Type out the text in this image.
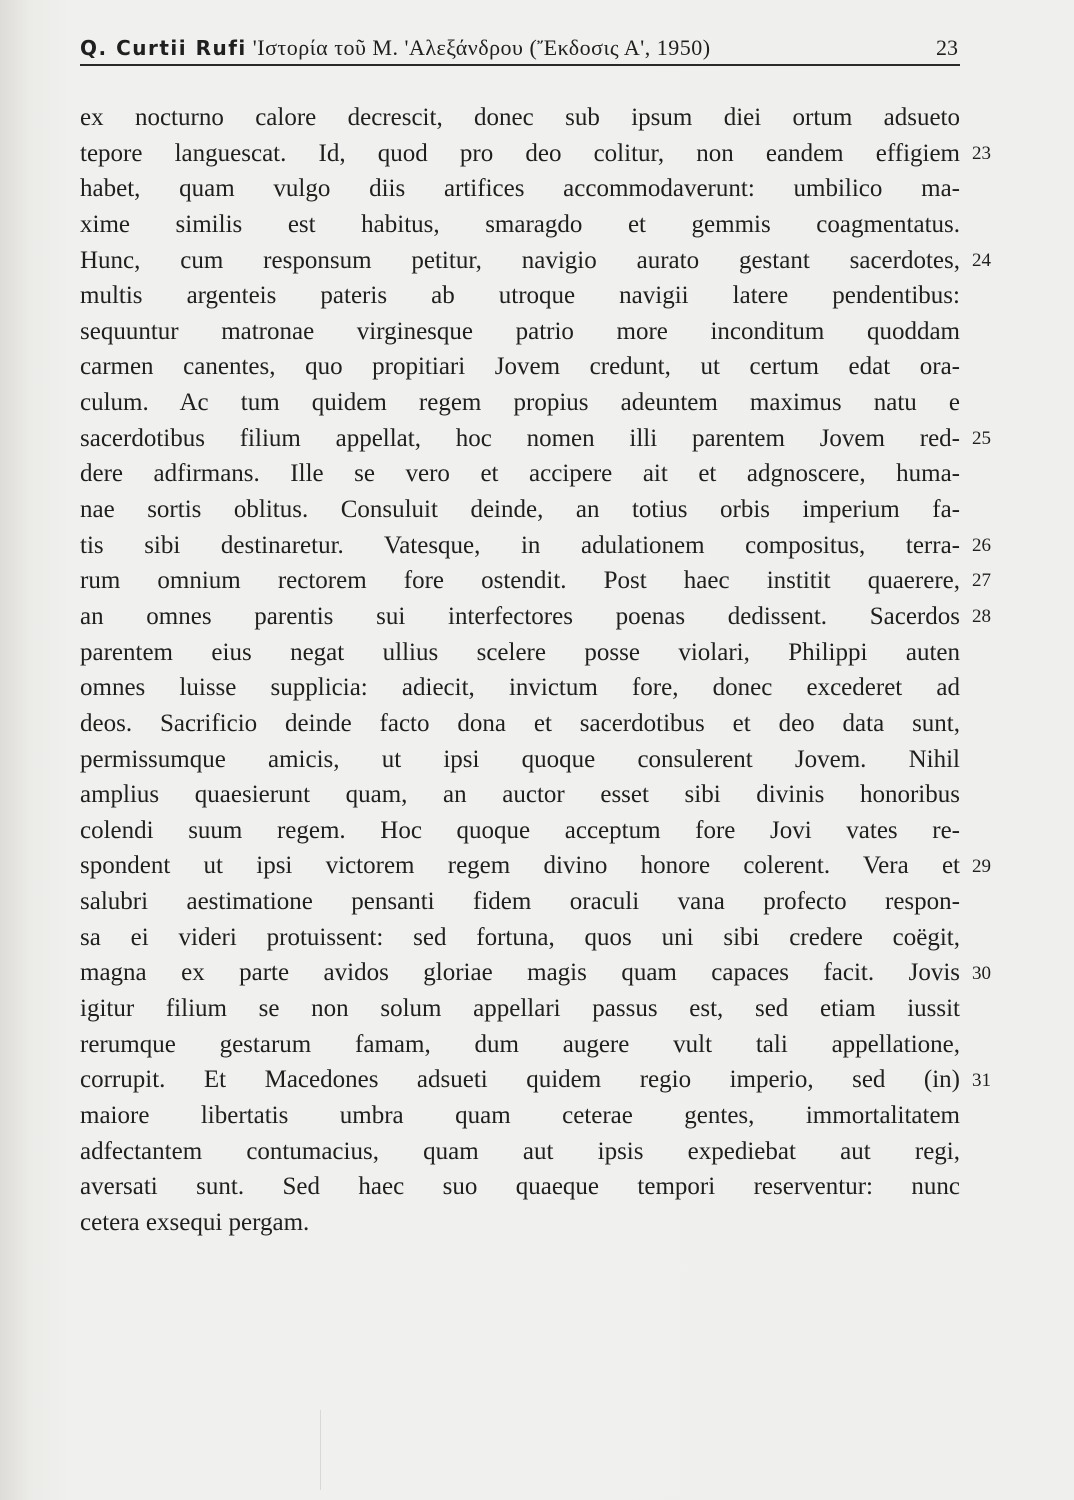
Q. Curtii Rufi 'Ιστορία τοῦ Μ. 'Αλεξάνδρου (Ἔκδοσις Α', 1950)	23
ex nocturno calore decrescit, donec sub ipsum diei ortum adsueto
tepore languescat. Id, quod pro deo colitur, non eandem effigiem
habet, quam vulgo diis artifices accommodaverunt: umbilico ma-
xime similis est habitus, smaragdo et gemmis coagmentatus.
Hunc, cum responsum petitur, navigio aurato gestant sacerdotes,
multis argenteis pateris ab utroque navigii latere pendentibus:
sequuntur matronae virginesque patrio more inconditum quoddam
carmen canentes, quo propitiari Jovem credunt, ut certum edat ora-
culum. Ac tum quidem regem propius adeuntem maximus natu e
sacerdotibus filium appellat, hoc nomen illi parentem Jovem red-
dere adfirmans. Ille se vero et accipere ait et adgnoscere, huma-
nae sortis oblitus. Consuluit deinde, an totius orbis imperium fa-
tis sibi destinaretur. Vatesque, in adulationem compositus, terra-
rum omnium rectorem fore ostendit. Post haec institit quaerere,
an omnes parentis sui interfectores poenas dedissent. Sacerdos
parentem eius negat ullius scelere posse violari, Philippi auten
omnes luisse supplicia: adiecit, invictum fore, donec excederet ad
deos. Sacrificio deinde facto dona et sacerdotibus et deo data sunt,
permissumque amicis, ut ipsi quoque consulerent Jovem. Nihil
amplius quaesierunt quam, an auctor esset sibi divinis honoribus
colendi suum regem. Hoc quoque acceptum fore Jovi vates re-
spondent ut ipsi victorem regem divino honore colerent. Vera et
salubri aestimatione pensanti fidem oraculi vana profecto respon-
sa ei videri protuissent: sed fortuna, quos uni sibi credere coëgit,
magna ex parte avidos gloriae magis quam capaces facit. Jovis
igitur filium se non solum appellari passus est, sed etiam iussit
rerumque gestarum famam, dum augere vult tali appellatione,
corrupit. Et Macedones adsueti quidem regio imperio, sed (in)
maiore libertatis umbra quam ceterae gentes, immortalitatem
adfectantem contumacius, quam aut ipsis expediebat aut regi,
aversati sunt. Sed haec suo quaeque tempori reserventur: nunc
cetera exsequi pergam.
23
24
25
26
27
28
29
30
31
